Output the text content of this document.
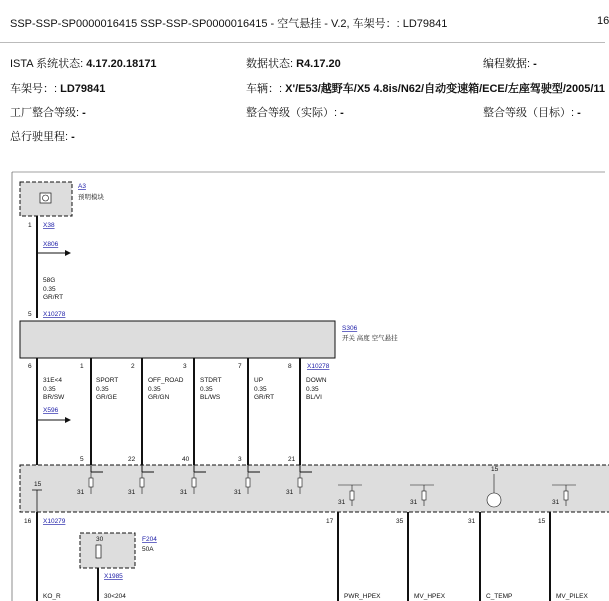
SSP-SSP-SP0000016415 SSP-SSP-SP0000016415 - 空气悬挂 - V.2, 车架号：: LD79841	16
ISTA 系统状态: 4.17.20.18171	数据状态: R4.17.20	编程数据: -
车架号：: LD79841	车辆：: X'/E53/越野车/X5 4.8is/N62/自动变速箱/ECE/左座驾驶型/2005/11
工厂整合等级: -	整合等级（实际）: -	整合等级（目标）: -
总行驶里程: -
A3
预明模块
1 X38
X806
58G
0.35
GR/RT
5 X10278
S306
开关 高度 空气悬挂
6	1	2	3	7	8 X10278
31E<4
0.35
BR/SW
SPORT
0.35
GR/GE
OFF_ROAD
0.35
GR/GN
STDRT
0.35
BL/WS
UP
0.35
GR/RT
DOWN
0.35
BL/VI
X596
5	22	40	3	21
15
31	31	31	31	31
31	31
15
31
16 X10279
30	F204
50A
X1985
17	35	31	15
KO_R	30<204	PWR_HPEX	MV_HPEX	C_TEMP	MV_PILEX
